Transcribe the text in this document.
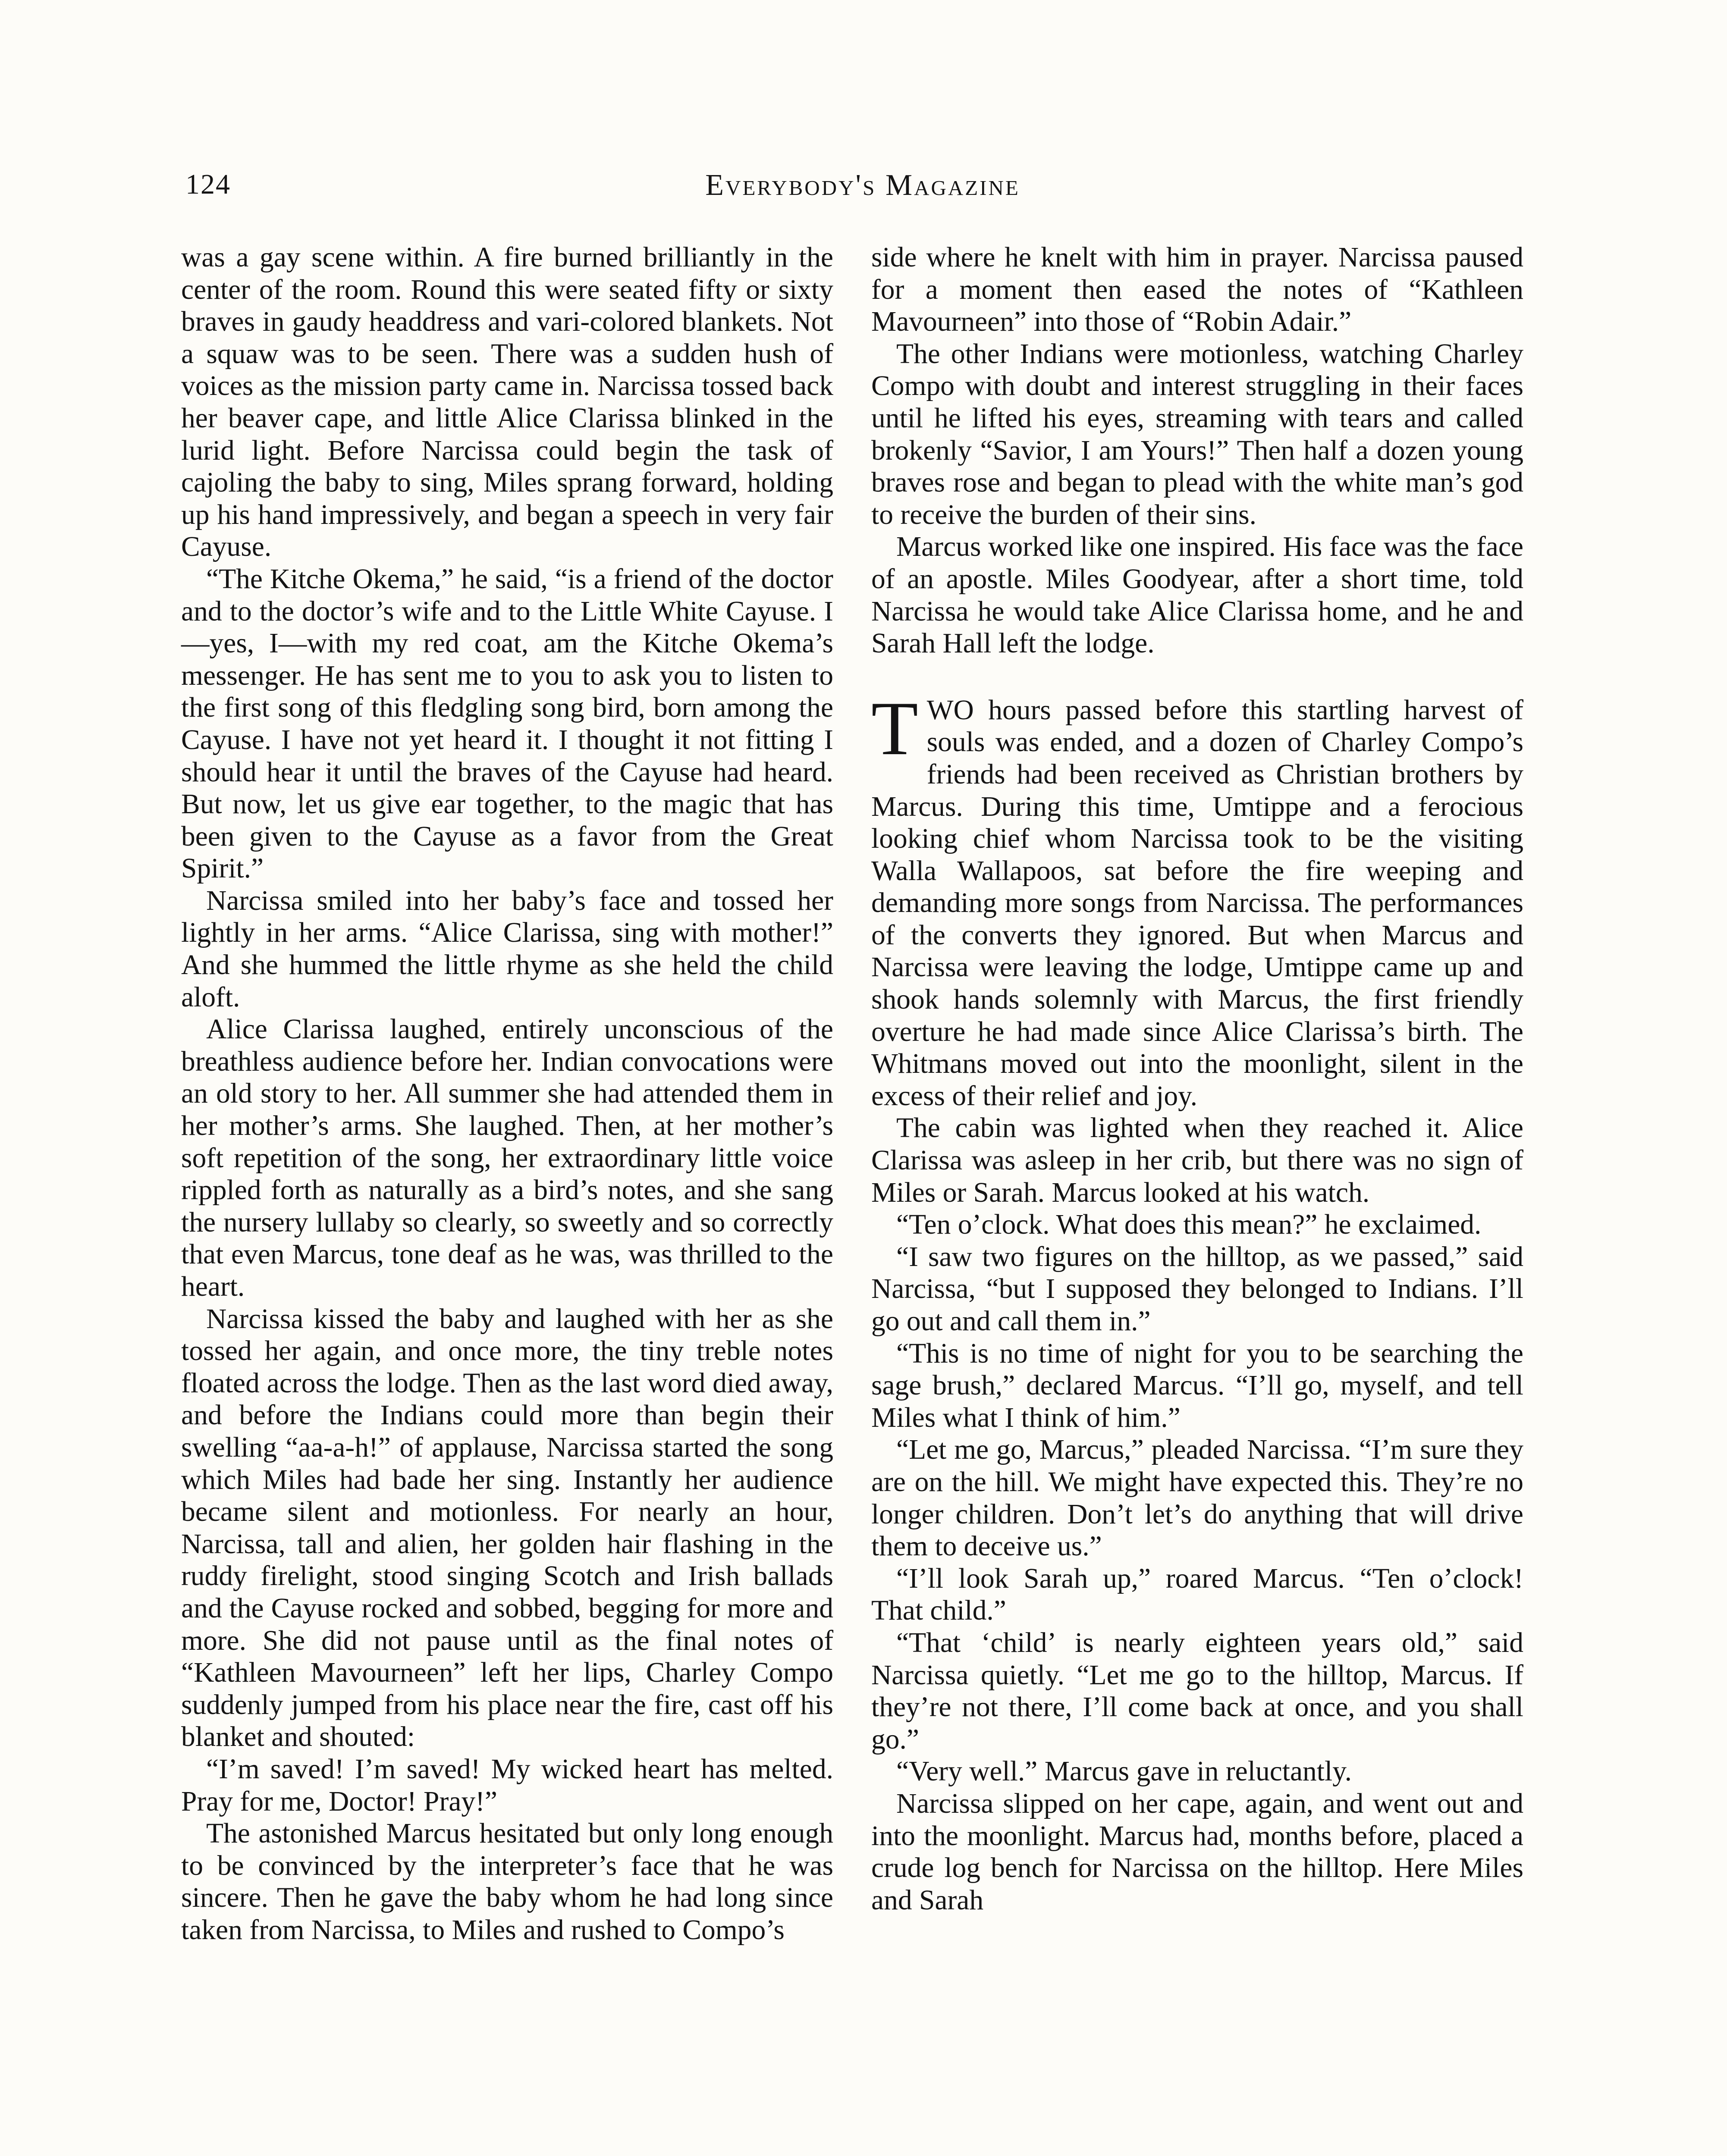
124	Everybody's Magazine

was a gay scene within. A fire burned brilliantly in the center of the room. Round this were seated fifty or sixty braves in gaudy headdress and vari-colored blankets. Not a squaw was to be seen. There was a sudden hush of voices as the mission party came in. Narcissa tossed back her beaver cape, and little Alice Clarissa blinked in the lurid light. Before Narcissa could begin the task of cajoling the baby to sing, Miles sprang forward, holding up his hand impressively, and began a speech in very fair Cayuse.

“The Kitche Okema,” he said, “is a friend of the doctor and to the doctor’s wife and to the Little White Cayuse. I—yes, I—with my red coat, am the Kitche Okema’s messenger. He has sent me to you to ask you to listen to the first song of this fledgling song bird, born among the Cayuse. I have not yet heard it. I thought it not fitting I should hear it until the braves of the Cayuse had heard. But now, let us give ear together, to the magic that has been given to the Cayuse as a favor from the Great Spirit.”

Narcissa smiled into her baby’s face and tossed her lightly in her arms. “Alice Clarissa, sing with mother!” And she hummed the little rhyme as she held the child aloft.

Alice Clarissa laughed, entirely unconscious of the breathless audience before her. Indian convocations were an old story to her. All summer she had attended them in her mother’s arms. She laughed. Then, at her mother’s soft repetition of the song, her extraordinary little voice rippled forth as naturally as a bird’s notes, and she sang the nursery lullaby so clearly, so sweetly and so correctly that even Marcus, tone deaf as he was, was thrilled to the heart.

Narcissa kissed the baby and laughed with her as she tossed her again, and once more, the tiny treble notes floated across the lodge. Then as the last word died away, and before the Indians could more than begin their swelling “aa-a-h!” of applause, Narcissa started the song which Miles had bade her sing. Instantly her audience became silent and motionless. For nearly an hour, Narcissa, tall and alien, her golden hair flashing in the ruddy firelight, stood singing Scotch and Irish ballads and the Cayuse rocked and sobbed, begging for more and more. She did not pause until as the final notes of “Kathleen Mavourneen” left her lips, Charley Compo suddenly jumped from his place near the fire, cast off his blanket and shouted:

“I’m saved! I’m saved! My wicked heart has melted. Pray for me, Doctor! Pray!”

The astonished Marcus hesitated but only long enough to be convinced by the interpreter’s face that he was sincere. Then he gave the baby whom he had long since taken from Narcissa, to Miles and rushed to Compo’s

side where he knelt with him in prayer. Narcissa paused for a moment then eased the notes of “Kathleen Mavourneen” into those of “Robin Adair.”

The other Indians were motionless, watching Charley Compo with doubt and interest struggling in their faces until he lifted his eyes, streaming with tears and called brokenly “Savior, I am Yours!” Then half a dozen young braves rose and began to plead with the white man’s god to receive the burden of their sins.

Marcus worked like one inspired. His face was the face of an apostle. Miles Goodyear, after a short time, told Narcissa he would take Alice Clarissa home, and he and Sarah Hall left the lodge.

TWO hours passed before this startling harvest of souls was ended, and a dozen of Charley Compo’s friends had been received as Christian brothers by Marcus. During this time, Umtippe and a ferocious looking chief whom Narcissa took to be the visiting Walla Wallapoos, sat before the fire weeping and demanding more songs from Narcissa. The performances of the converts they ignored. But when Marcus and Narcissa were leaving the lodge, Umtippe came up and shook hands solemnly with Marcus, the first friendly overture he had made since Alice Clarissa’s birth. The Whitmans moved out into the moonlight, silent in the excess of their relief and joy.

The cabin was lighted when they reached it. Alice Clarissa was asleep in her crib, but there was no sign of Miles or Sarah. Marcus looked at his watch.

“Ten o’clock. What does this mean?” he exclaimed.

“I saw two figures on the hilltop, as we passed,” said Narcissa, “but I supposed they belonged to Indians. I’ll go out and call them in.”

“This is no time of night for you to be searching the sage brush,” declared Marcus. “I’ll go, myself, and tell Miles what I think of him.”

“Let me go, Marcus,” pleaded Narcissa. “I’m sure they are on the hill. We might have expected this. They’re no longer children. Don’t let’s do anything that will drive them to deceive us.”

“I’ll look Sarah up,” roared Marcus. “Ten o’clock! That child.”

“That ‘child’ is nearly eighteen years old,” said Narcissa quietly. “Let me go to the hilltop, Marcus. If they’re not there, I’ll come back at once, and you shall go.”

“Very well.” Marcus gave in reluctantly.

Narcissa slipped on her cape, again, and went out and into the moonlight. Marcus had, months before, placed a crude log bench for Narcissa on the hilltop. Here Miles and Sarah
